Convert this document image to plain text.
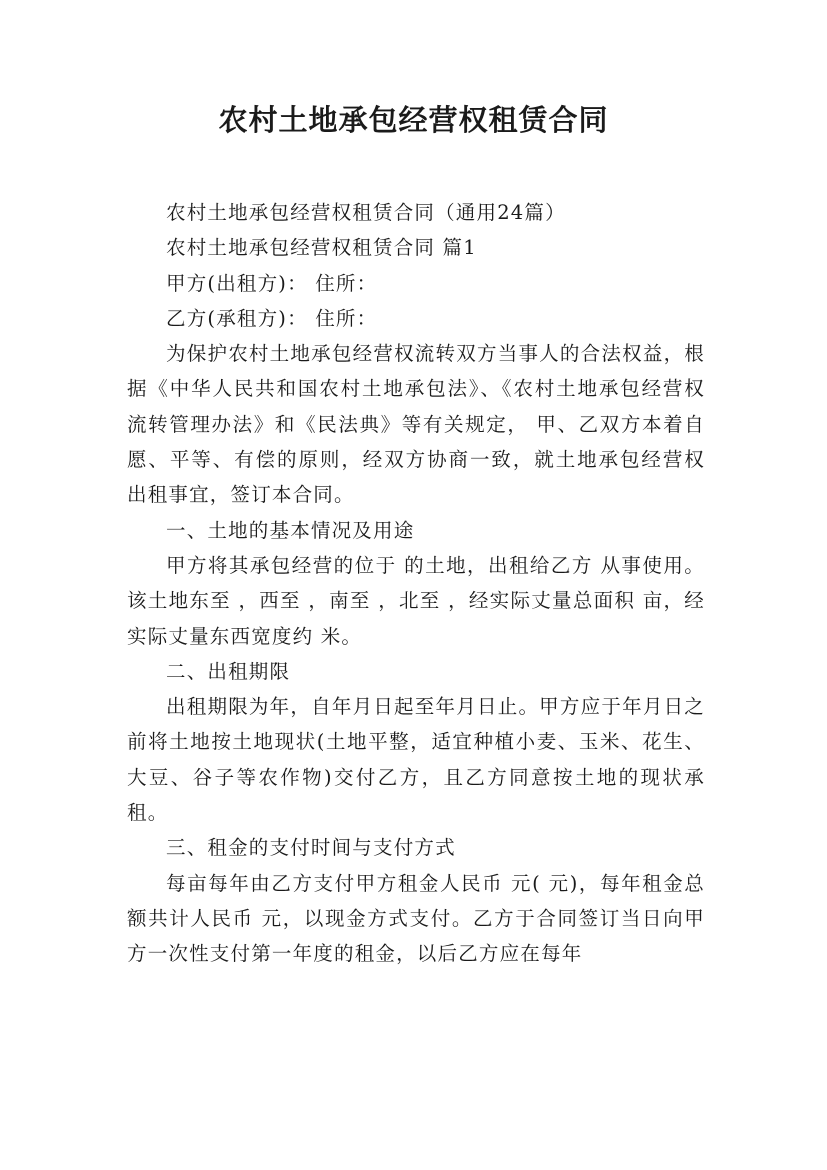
农村土地承包经营权租赁合同

农村土地承包经营权租赁合同（通用24篇）

农村土地承包经营权租赁合同 篇1

甲方(出租方)： 住所：

乙方(承租方)： 住所：

为保护农村土地承包经营权流转双方当事人的合法权益，根据《中华人民共和国农村土地承包法》、《农村土地承包经营权流转管理办法》和《民法典》等有关规定， 甲、乙双方本着自愿、平等、有偿的原则，经双方协商一致，就土地承包经营权出租事宜，签订本合同。

一、土地的基本情况及用途

甲方将其承包经营的位于 的土地，出租给乙方 从事使用。该土地东至 ，西至 ，南至 ，北至 ，经实际丈量总面积 亩，经实际丈量东西宽度约 米。

二、出租期限

出租期限为年，自年月日起至年月日止。甲方应于年月日之前将土地按土地现状(土地平整，适宜种植小麦、玉米、花生、大豆、谷子等农作物)交付乙方，且乙方同意按土地的现状承租。

三、租金的支付时间与支付方式

每亩每年由乙方支付甲方租金人民币 元( 元)，每年租金总额共计人民币 元，以现金方式支付。乙方于合同签订当日向甲方一次性支付第一年度的租金，以后乙方应在每年
